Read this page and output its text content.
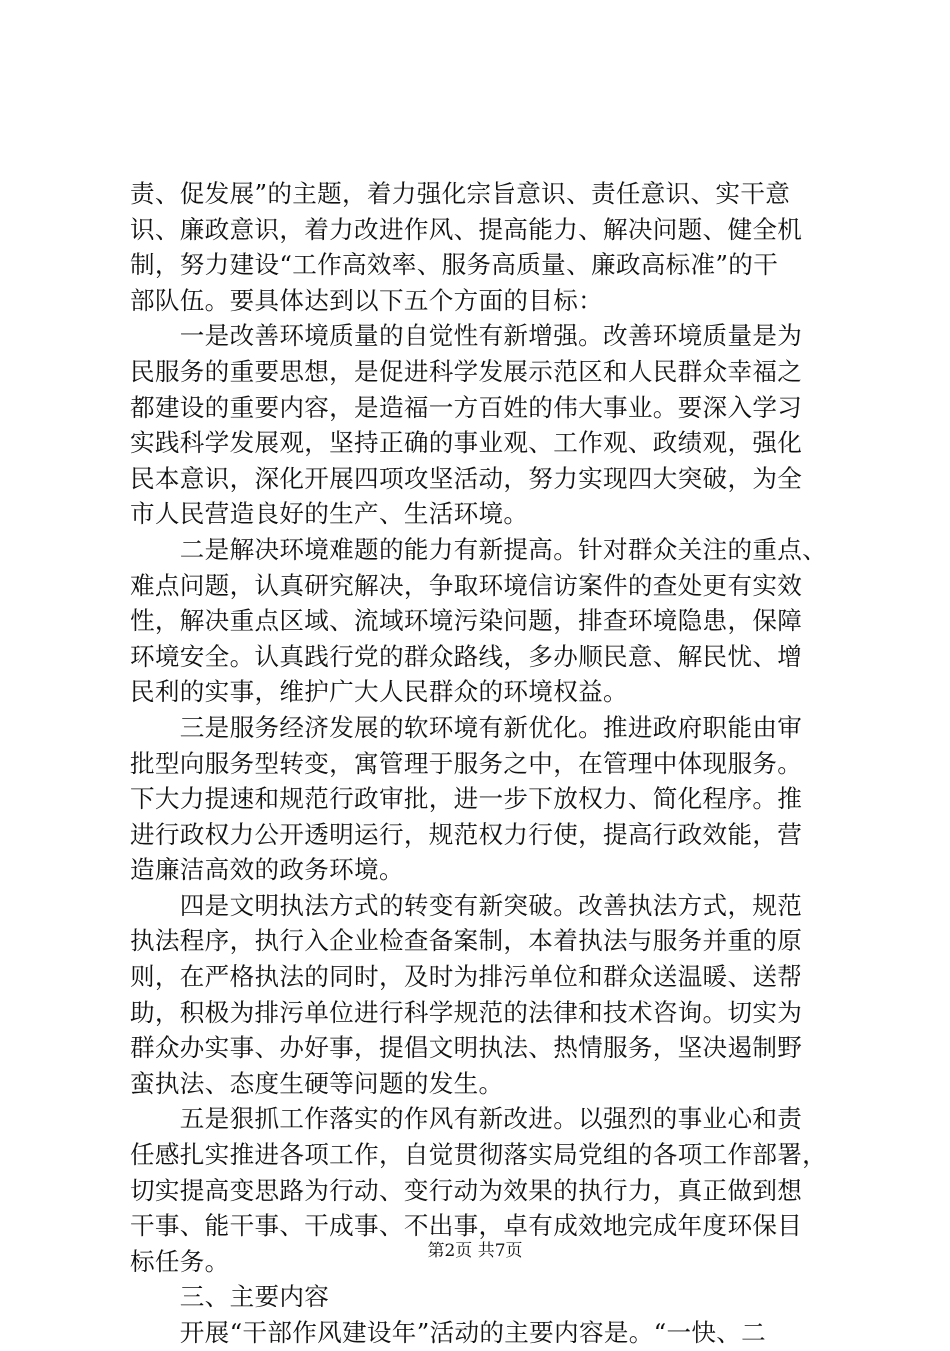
责、促发展”的主题，着力强化宗旨意识、责任意识、实干意
识、廉政意识，着力改进作风、提高能力、解决问题、健全机
制，努力建设“工作高效率、服务高质量、廉政高标准”的干
部队伍。要具体达到以下五个方面的目标：
　　一是改善环境质量的自觉性有新增强。改善环境质量是为
民服务的重要思想，是促进科学发展示范区和人民群众幸福之
都建设的重要内容，是造福一方百姓的伟大事业。要深入学习
实践科学发展观，坚持正确的事业观、工作观、政绩观，强化
民本意识，深化开展四项攻坚活动，努力实现四大突破，为全
市人民营造良好的生产、生活环境。
　　二是解决环境难题的能力有新提高。针对群众关注的重点、
难点问题，认真研究解决，争取环境信访案件的查处更有实效
性，解决重点区域、流域环境污染问题，排查环境隐患，保障
环境安全。认真践行党的群众路线，多办顺民意、解民忧、增
民利的实事，维护广大人民群众的环境权益。
　　三是服务经济发展的软环境有新优化。推进政府职能由审
批型向服务型转变，寓管理于服务之中，在管理中体现服务。
下大力提速和规范行政审批，进一步下放权力、简化程序。推
进行政权力公开透明运行，规范权力行使，提高行政效能，营
造廉洁高效的政务环境。
　　四是文明执法方式的转变有新突破。改善执法方式，规范
执法程序，执行入企业检查备案制，本着执法与服务并重的原
则，在严格执法的同时，及时为排污单位和群众送温暖、送帮
助，积极为排污单位进行科学规范的法律和技术咨询。切实为
群众办实事、办好事，提倡文明执法、热情服务，坚决遏制野
蛮执法、态度生硬等问题的发生。
　　五是狠抓工作落实的作风有新改进。以强烈的事业心和责
任感扎实推进各项工作，自觉贯彻落实局党组的各项工作部署，
切实提高变思路为行动、变行动为效果的执行力，真正做到想
干事、能干事、干成事、不出事，卓有成效地完成年度环保目
标任务。
　　三、主要内容
　　开展“干部作风建设年”活动的主要内容是。“一快、二
第2页 共7页
